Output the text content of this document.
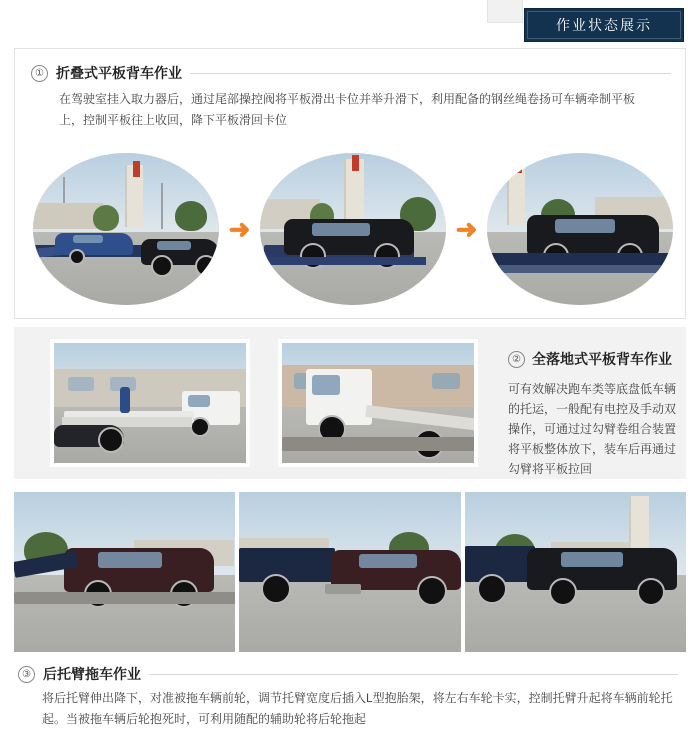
作业状态展示
① 折叠式平板背车作业
在驾驶室挂入取力器后，通过尾部操控阀将平板滑出卡位并举升滑下，利用配备的钢丝绳卷扬可车辆牵制平板上，控制平板往上收回，降下平板滑回卡位
➜	➜
② 全落地式平板背车作业
可有效解决跑车类等底盘低车辆的托运，一般配有电控及手动双操作，可通过过勾臂卷组合装置将平板整体放下，装车后再通过勾臂将平板拉回
③ 后托臂拖车作业
将后托臂伸出降下，对准被拖车辆前轮，调节托臂宽度后插入L型抱胎架，将左右车轮卡实，控制托臂升起将车辆前轮托起。当被拖车辆后轮抱死时，可利用随配的辅助轮将后轮拖起
